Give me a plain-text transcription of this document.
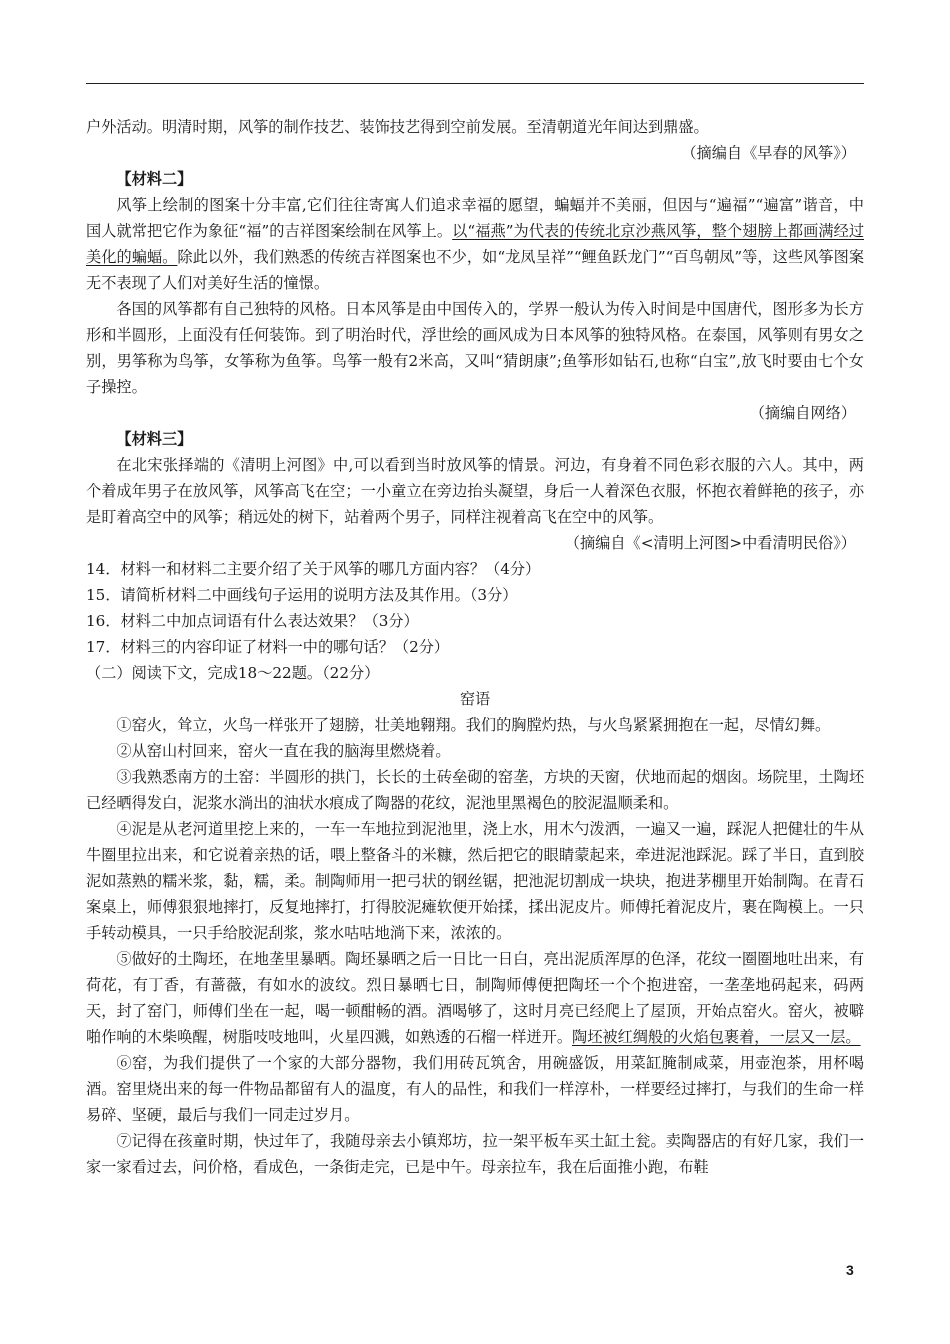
户外活动。明清时期，风筝的制作技艺、装饰技艺得到空前发展。至清朝道光年间达到鼎盛。

（摘编自《早春的风筝》）

【材料二】

风筝上绘制的图案十分丰富,它们往往寄寓人们追求幸福的愿望，蝙蝠并不美丽，但因与“遍福”“遍富”谐音，中国人就常把它作为象征“福”的吉祥图案绘制在风筝上。以“福燕”为代表的传统北京沙燕风筝，整个翅膀上都画满经过美化的蝙蝠。除此以外，我们熟悉的传统吉祥图案也不少，如“龙凤呈祥”“鲤鱼跃龙门”“百鸟朝凤”等，这些风筝图案无不表现了人们对美好生活的憧憬。

各国的风筝都有自己独特的风格。日本风筝是由中国传入的，学界一般认为传入时间是中国唐代，图形多为长方形和半圆形，上面没有任何装饰。到了明治时代，浮世绘的画风成为日本风筝的独特风格。在泰国，风筝则有男女之别，男筝称为鸟筝，女筝称为鱼筝。鸟筝一般有2米高，又叫“猜朗康”;鱼筝形如钻石,也称“白宝”,放飞时要由七个女子操控。

（摘编自网络）

【材料三】

在北宋张择端的《清明上河图》中,可以看到当时放风筝的情景。河边，有身着不同色彩衣服的六人。其中，两个着成年男子在放风筝，风筝高飞在空；一小童立在旁边抬头凝望，身后一人着深色衣服，怀抱衣着鲜艳的孩子，亦是盯着高空中的风筝；稍远处的树下，站着两个男子，同样注视着高飞在空中的风筝。

（摘编自《<清明上河图>中看清明民俗》）

14．材料一和材料二主要介绍了关于风筝的哪几方面内容？（4分）

15．请简析材料二中画线句子运用的说明方法及其作用。（3分）

16．材料二中加点词语有什么表达效果？（3分）

17．材料三的内容印证了材料一中的哪句话？（2分）

（二）阅读下文，完成18～22题。（22分）

窑语

①窑火，耸立，火鸟一样张开了翅膀，壮美地翱翔。我们的胸膛灼热，与火鸟紧紧拥抱在一起，尽情幻舞。

②从窑山村回来，窑火一直在我的脑海里燃烧着。

③我熟悉南方的土窑：半圆形的拱门，长长的土砖垒砌的窑垄，方块的天窗，伏地而起的烟囱。场院里，土陶坯已经晒得发白，泥浆水淌出的油状水痕成了陶器的花纹，泥池里黑褐色的胶泥温顺柔和。

④泥是从老河道里挖上来的，一车一车地拉到泥池里，浇上水，用木勺泼洒，一遍又一遍，踩泥人把健壮的牛从牛圈里拉出来，和它说着亲热的话，喂上整备斗的米糠，然后把它的眼睛蒙起来，牵进泥池踩泥。踩了半日，直到胶泥如蒸熟的糯米浆，黏，糯，柔。制陶师用一把弓状的钢丝锯，把池泥切割成一块块，抱进茅棚里开始制陶。在青石案桌上，师傅狠狠地摔打，反复地摔打，打得胶泥瘫软便开始揉，揉出泥皮片。师傅托着泥皮片，裹在陶模上。一只手转动模具，一只手给胶泥刮浆，浆水咕咕地淌下来，浓浓的。

⑤做好的土陶坯，在地垄里暴晒。陶坯暴晒之后一日比一日白，亮出泥质浑厚的色泽，花纹一圈圈地吐出来，有荷花，有丁香，有蔷薇，有如水的波纹。烈日暴晒七日，制陶师傅便把陶坯一个个抱进窑，一垄垄地码起来，码两天，封了窑门，师傅们坐在一起，喝一顿酣畅的酒。酒喝够了，这时月亮已经爬上了屋顶，开始点窑火。窑火，被噼啪作响的木柴唤醒，树脂吱吱地叫，火星四溅，如熟透的石榴一样迸开。陶坯被红绸般的火焰包裹着，一层又一层。

⑥窑，为我们提供了一个家的大部分器物，我们用砖瓦筑舍，用碗盛饭，用菜缸腌制咸菜，用壶泡茶，用杯喝酒。窑里烧出来的每一件物品都留有人的温度，有人的品性，和我们一样淳朴，一样要经过摔打，与我们的生命一样易碎、坚硬，最后与我们一同走过岁月。

⑦记得在孩童时期，快过年了，我随母亲去小镇郑坊，拉一架平板车买土缸土瓮。卖陶器店的有好几家，我们一家一家看过去，问价格，看成色，一条街走完，已是中午。母亲拉车，我在后面推小跑，布鞋

3
